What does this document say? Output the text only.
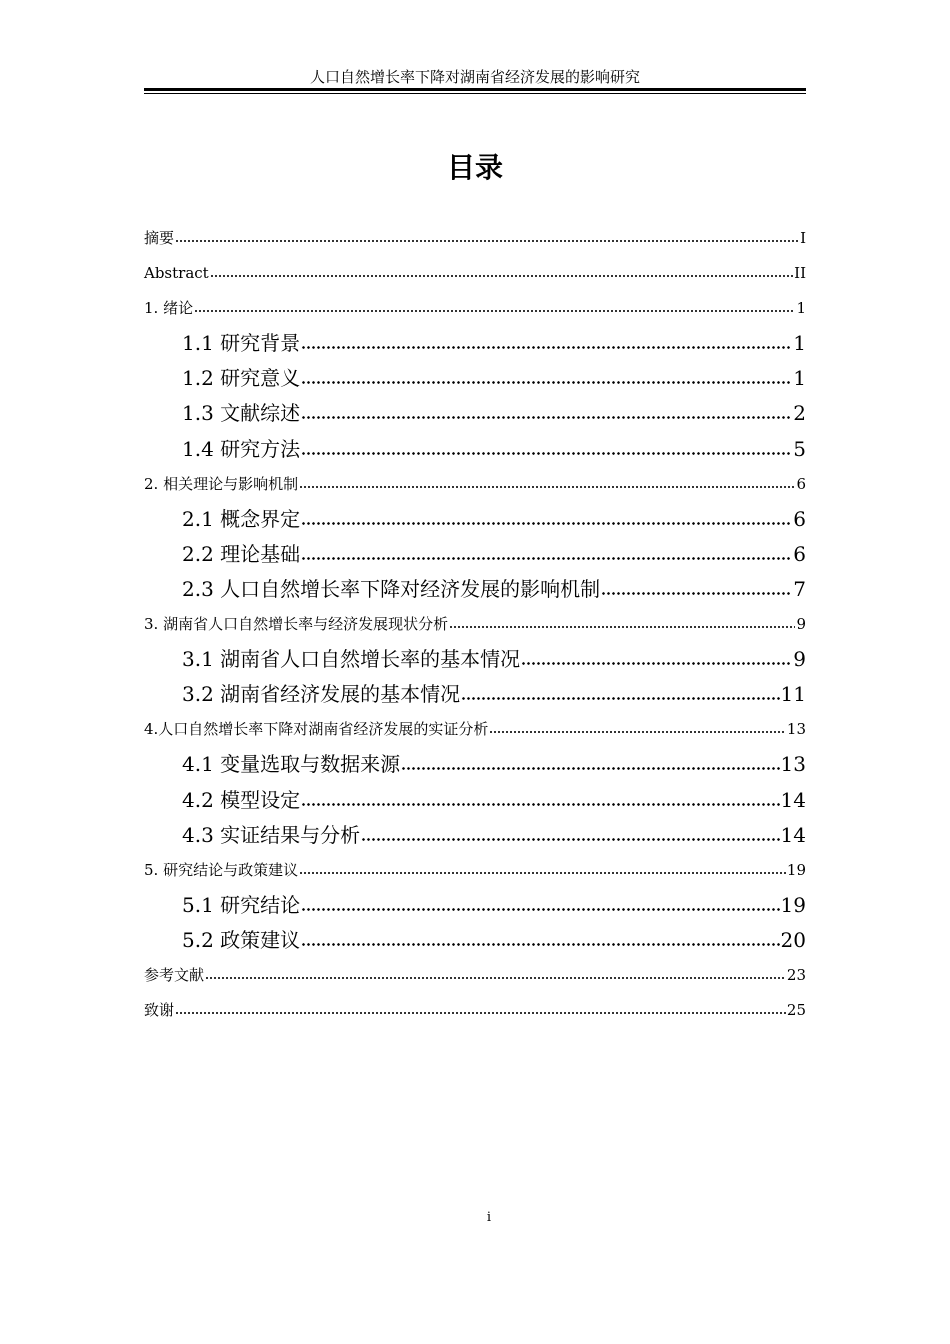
人口自然增长率下降对湖南省经济发展的影响研究
目录
摘要	I
Abstract	II
1. 绪论	1
1.1 研究背景	1
1.2 研究意义	1
1.3 文献综述	2
1.4 研究方法	5
2. 相关理论与影响机制	6
2.1 概念界定	6
2.2 理论基础	6
2.3 人口自然增长率下降对经济发展的影响机制	7
3. 湖南省人口自然增长率与经济发展现状分析	9
3.1 湖南省人口自然增长率的基本情况	9
3.2 湖南省经济发展的基本情况	11
4.人口自然增长率下降对湖南省经济发展的实证分析	13
4.1 变量选取与数据来源	13
4.2 模型设定	14
4.3 实证结果与分析	14
5. 研究结论与政策建议	19
5.1 研究结论	19
5.2 政策建议	20
参考文献	23
致谢	25
i
